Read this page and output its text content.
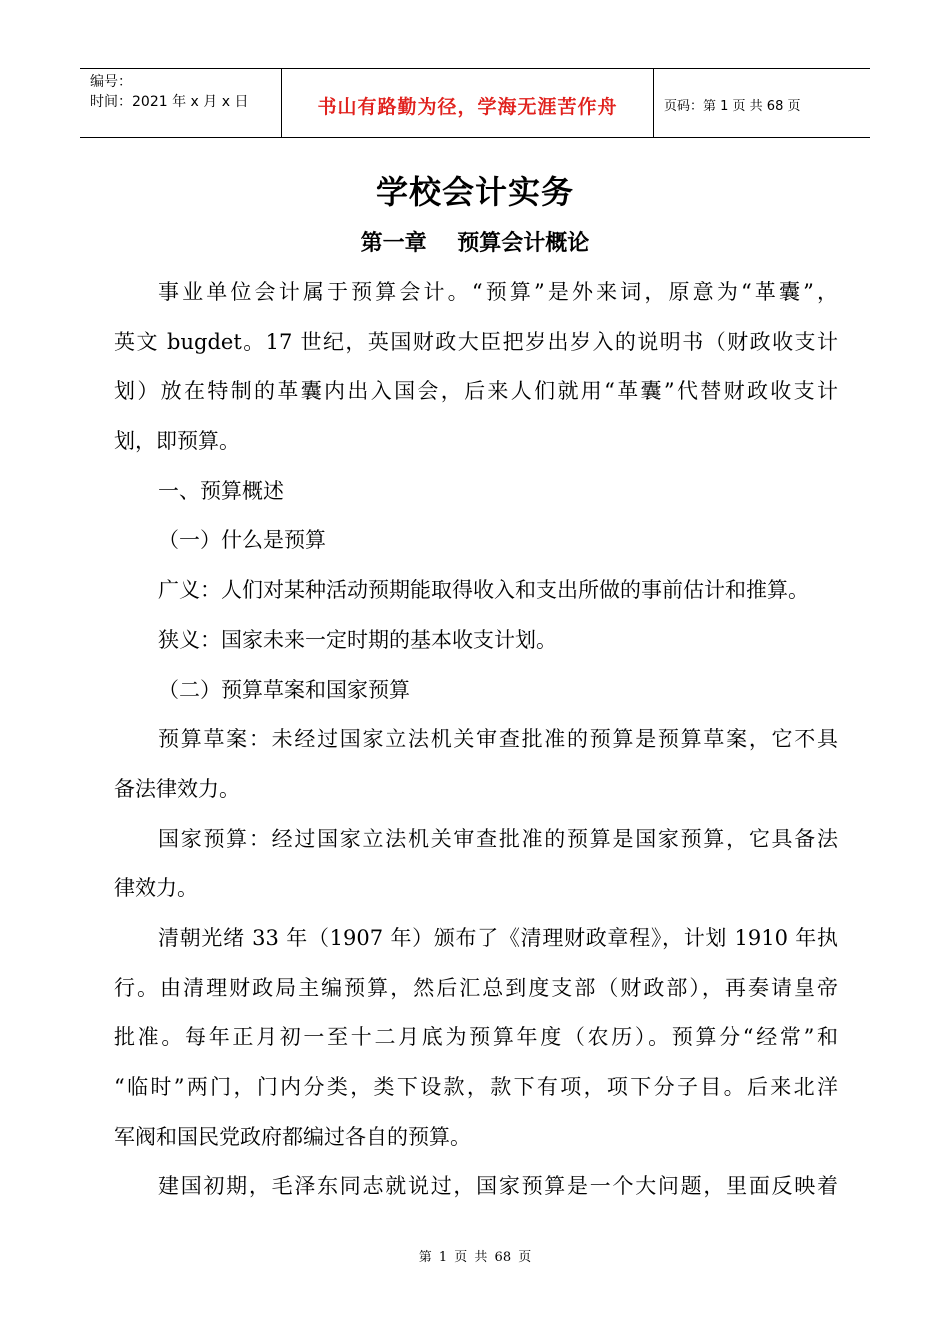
编号：
时间：2021 年 x 月 x 日	书山有路勤为径，学海无涯苦作舟	页码：第 1 页 共 68 页
学校会计实务
第一章    预算会计概论
事业单位会计属于预算会计。“预算”是外来词，原意为“革囊”，
英文 bugdet。17 世纪，英国财政大臣把岁出岁入的说明书（财政收支计
划）放在特制的革囊内出入国会，后来人们就用“革囊”代替财政收支计
划，即预算。
一、预算概述
（一）什么是预算
广义：人们对某种活动预期能取得收入和支出所做的事前估计和推算。
狭义：国家未来一定时期的基本收支计划。
（二）预算草案和国家预算
预算草案：未经过国家立法机关审查批准的预算是预算草案，它不具
备法律效力。
国家预算：经过国家立法机关审查批准的预算是国家预算，它具备法
律效力。
清朝光绪 33 年（1907 年）颁布了《清理财政章程》，计划 1910 年执
行。由清理财政局主编预算，然后汇总到度支部（财政部），再奏请皇帝
批准。每年正月初一至十二月底为预算年度（农历）。预算分“经常”和
“临时”两门，门内分类，类下设款，款下有项，项下分子目。后来北洋
军阀和国民党政府都编过各自的预算。
建国初期，毛泽东同志就说过，国家预算是一个大问题，里面反映着
第 1 页 共 68 页
